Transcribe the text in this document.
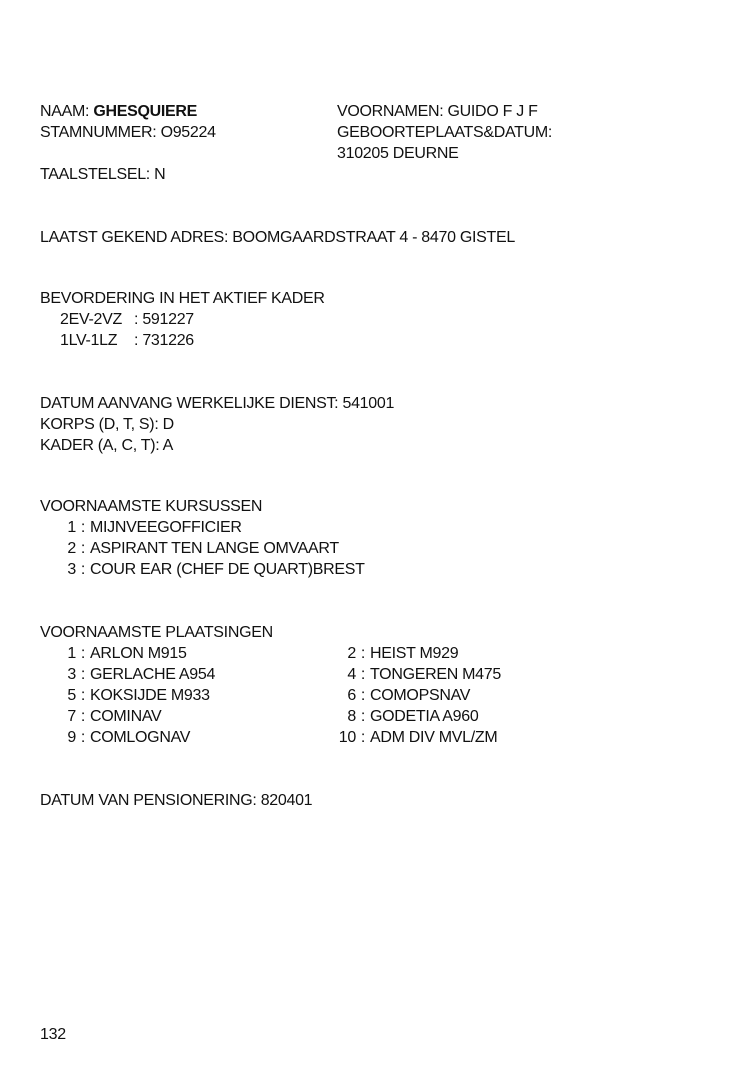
NAAM: GHESQUIERE
STAMNUMMER: O95224
TAALSTELSEL: N
VOORNAMEN: GUIDO F J F
GEBOORTEPLAATS&DATUM:
310205 DEURNE
LAATST GEKEND ADRES: BOOMGAARDSTRAAT 4 - 8470 GISTEL
BEVORDERING IN HET AKTIEF KADER
2EV-2VZ : 591227
1LV-1LZ : 731226
DATUM AANVANG WERKELIJKE DIENST: 541001
KORPS (D, T, S): D
KADER (A, C, T): A
VOORNAAMSTE KURSUSSEN
1 : MIJNVEEGOFFICIER
2 : ASPIRANT TEN LANGE OMVAART
3 : COUR EAR (CHEF DE QUART)BREST
VOORNAAMSTE PLAATSINGEN
1 : ARLON M915
3 : GERLACHE A954
5 : KOKSIJDE M933
7 : COMINAV
9 : COMLOGNAV
2 : HEIST M929
4 : TONGEREN M475
6 : COMOPSNAV
8 : GODETIA A960
10 : ADM DIV MVL/ZM
DATUM VAN PENSIONERING: 820401
132
